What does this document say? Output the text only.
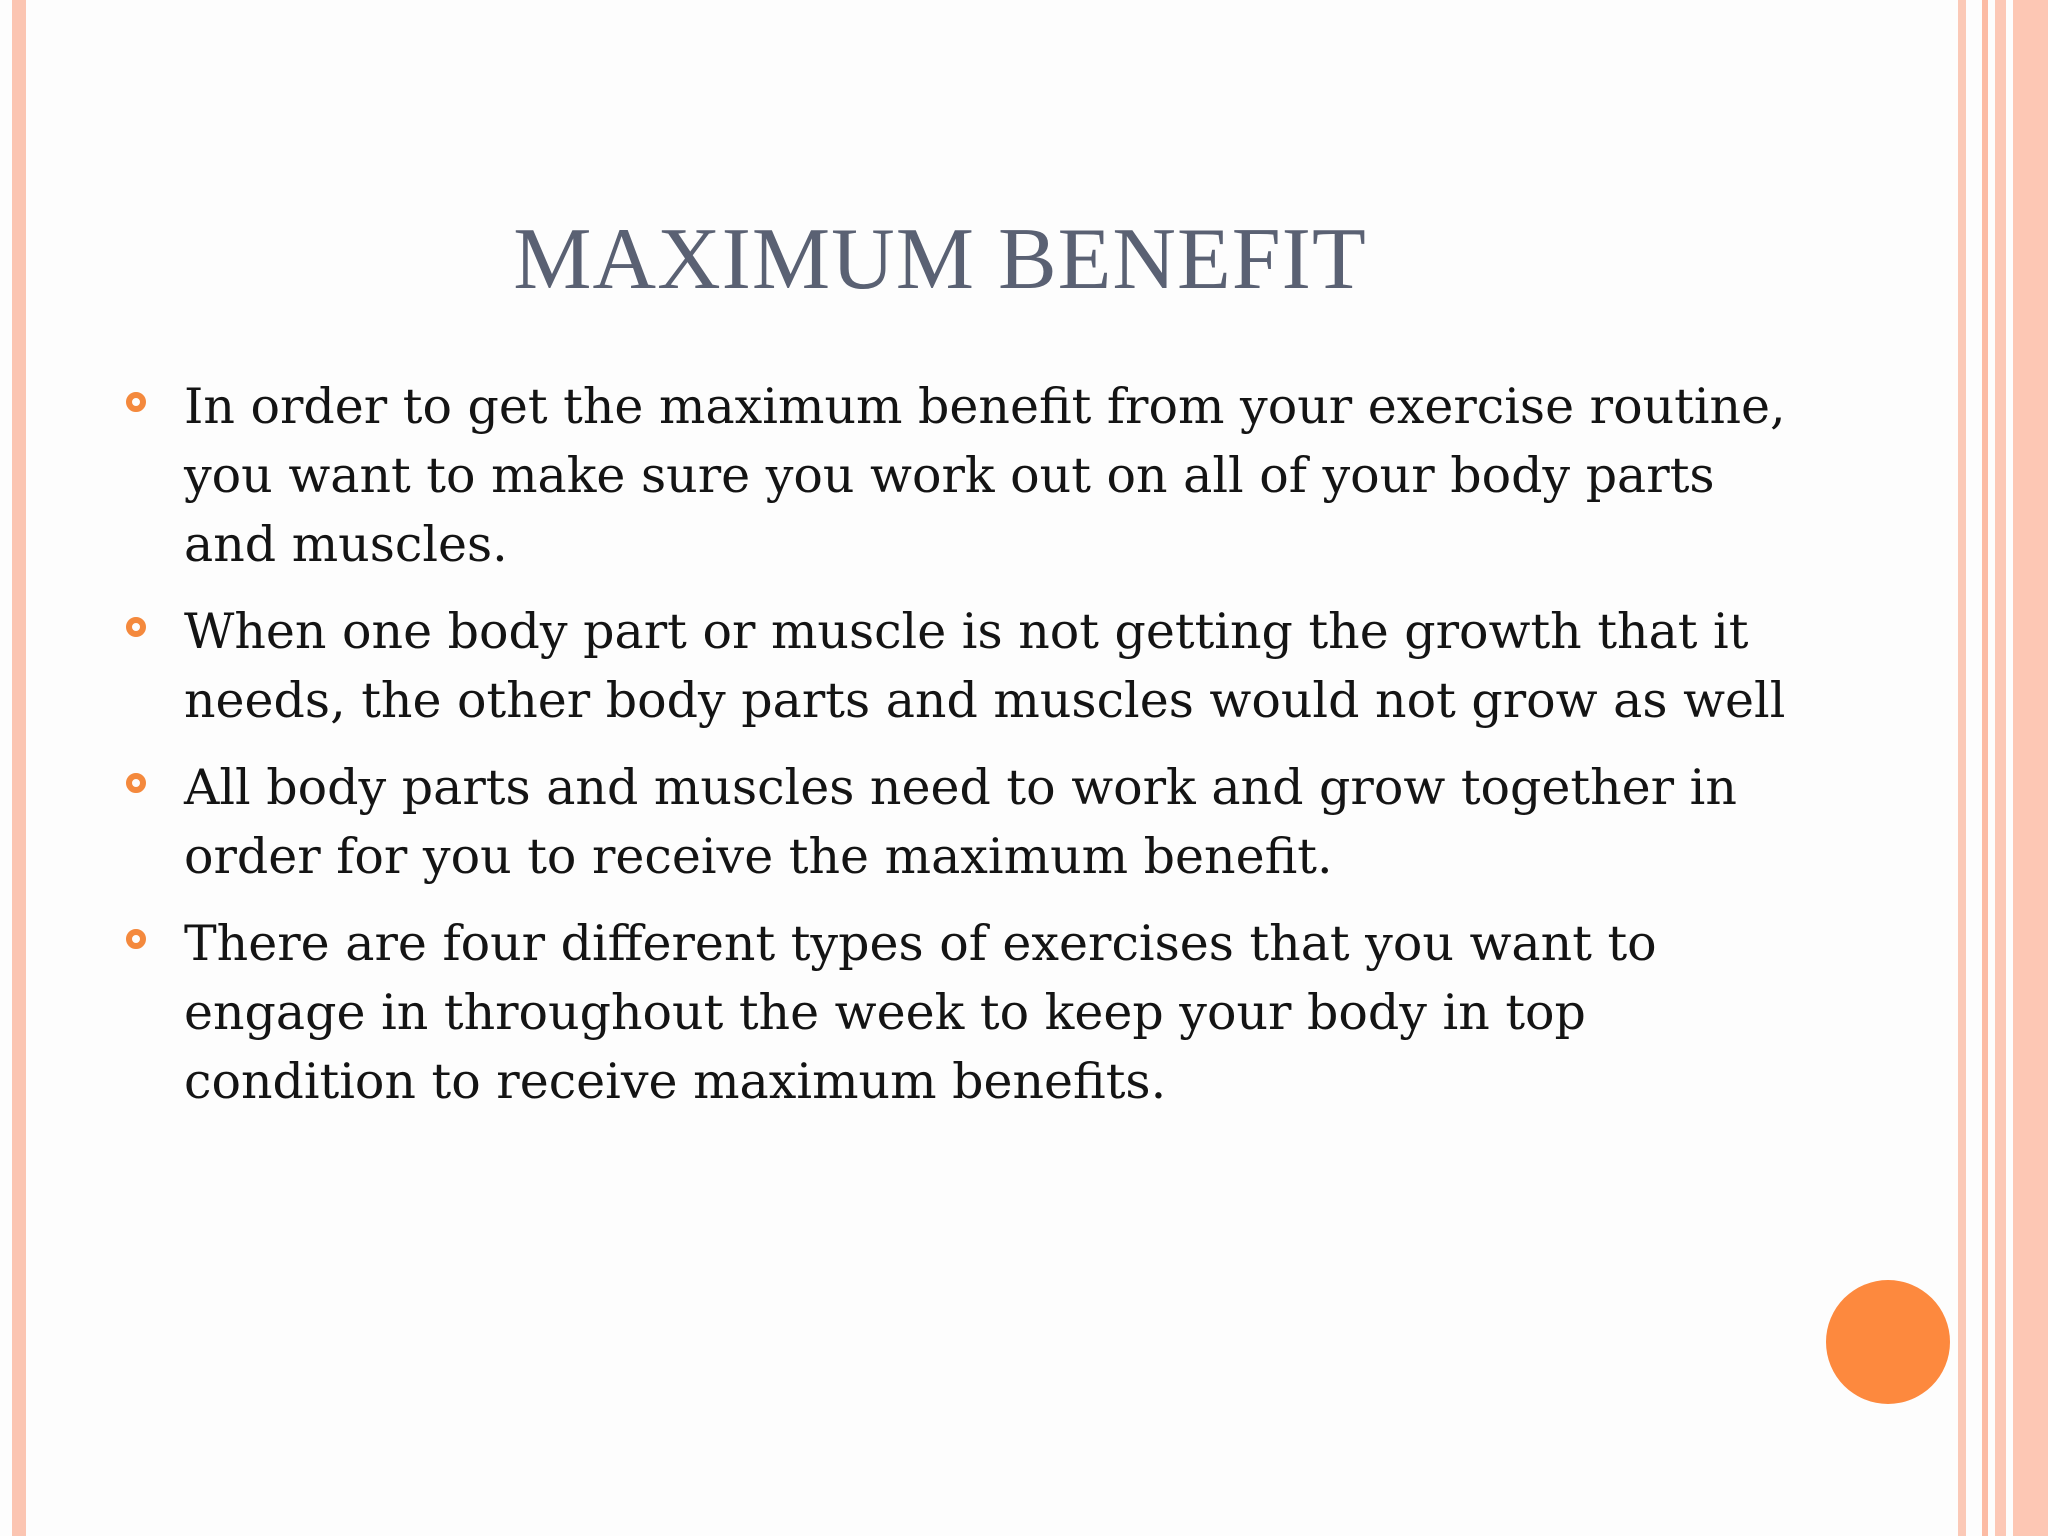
MAXIMUM BENEFIT
In order to get the maximum benefit from your exercise routine, you want to make sure you work out on all of your body parts and muscles.
When one body part or muscle is not getting the growth that it needs, the other body parts and muscles would not grow as well
All body parts and muscles need to work and grow together in order for you to receive the maximum benefit.
There are four different types of exercises that you want to engage in throughout the week to keep your body in top condition to receive maximum benefits.
